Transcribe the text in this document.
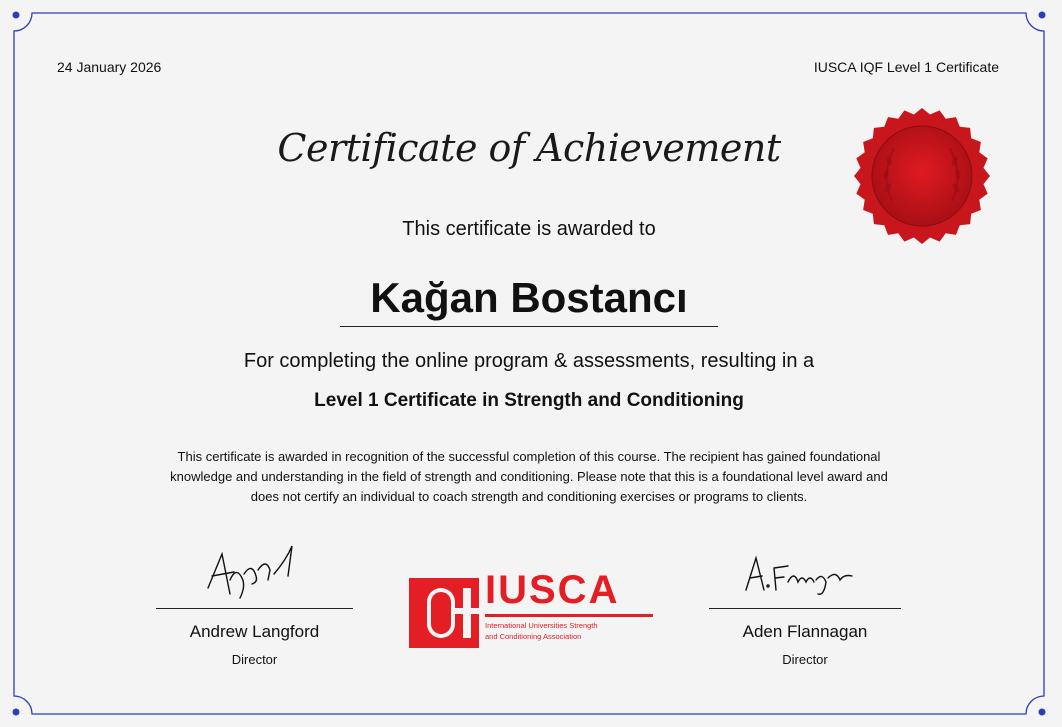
24 January 2026	IUSCA IQF Level 1 Certificate
Certificate of Achievement
This certificate is awarded to
Kağan Bostancı
For completing the online program & assessments, resulting in a
Level 1 Certificate in Strength and Conditioning
This certificate is awarded in recognition of the successful completion of this course. The recipient has gained foundational knowledge and understanding in the field of strength and conditioning. Please note that this is a foundational level award and does not certify an individual to coach strength and conditioning exercises or programs to clients.
Andrew Langford
Director
IUSCA
International Universities Strength
and Conditioning Association	Aden Flannagan
Director
